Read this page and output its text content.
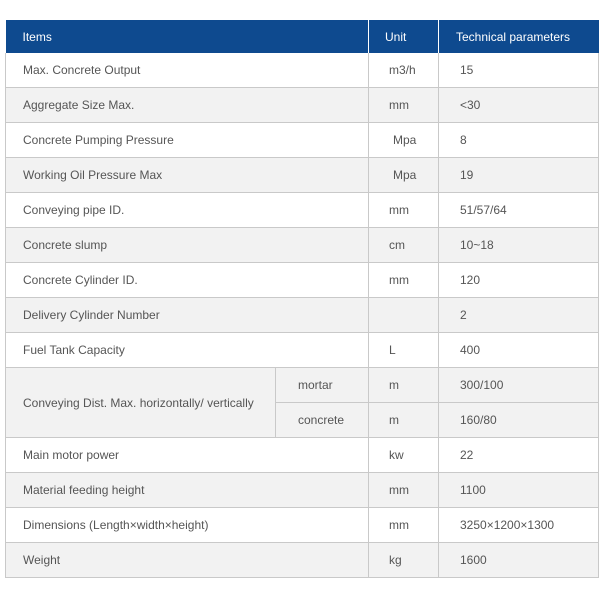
Items		Unit	Technical parameters
Max. Concrete Output		m3/h	15
Aggregate Size Max.		mm	<30
Concrete Pumping Pressure		Mpa	8
Working Oil Pressure Max		Mpa	19
Conveying pipe ID.		mm	51/57/64
Concrete slump		cm	10~18
Concrete Cylinder ID.		mm	120
Delivery Cylinder Number			2
Fuel Tank Capacity		L	400
Conveying Dist. Max. horizontally/ vertically	mortar	m	300/100
	concrete	m	160/80
Main motor power		kw	22
Material feeding height		mm	1100
Dimensions (Length×width×height)		mm	3250×1200×1300
Weight		kg	1600
